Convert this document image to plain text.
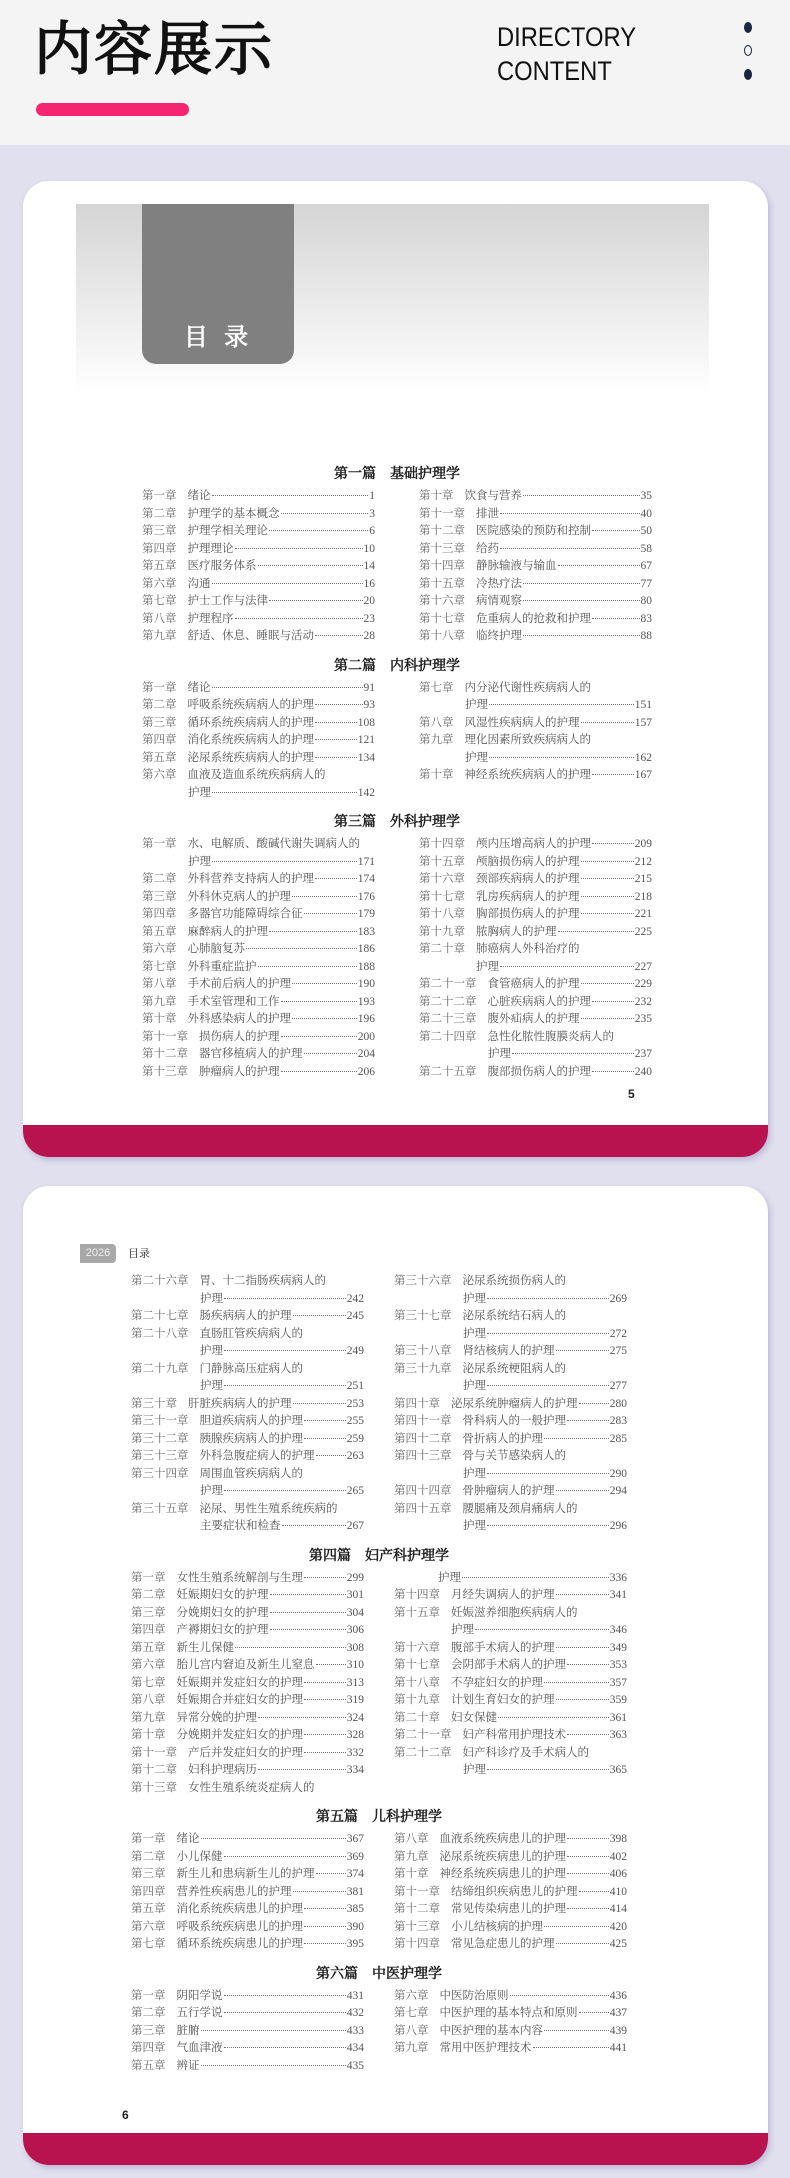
内容展示	DIRECTORY
CONTENT
目 录
第一篇　基础护理学
第一章 绪论	1
第二章 护理学的基本概念	3
第三章 护理学相关理论	6
第四章 护理理论	10
第五章 医疗服务体系	14
第六章 沟通	16
第七章 护士工作与法律	20
第八章 护理程序	23
第九章 舒适、休息、睡眠与活动	28
第十章 饮食与营养	35
第十一章 排泄	40
第十二章 医院感染的预防和控制	50
第十三章 给药	58
第十四章 静脉输液与输血	67
第十五章 冷热疗法	77
第十六章 病情观察	80
第十七章 危重病人的抢救和护理	83
第十八章 临终护理	88
第二篇　内科护理学
第一章 绪论	91
第二章 呼吸系统疾病病人的护理	93
第三章 循环系统疾病病人的护理	108
第四章 消化系统疾病病人的护理	121
第五章 泌尿系统疾病病人的护理	134
第六章 血液及造血系统疾病病人的
护理	142
第七章 内分泌代谢性疾病病人的
护理	151
第八章 风湿性疾病病人的护理	157
第九章 理化因素所致疾病病人的
护理	162
第十章 神经系统疾病病人的护理	167
第三篇　外科护理学
第一章 水、电解质、酸碱代谢失调病人的
护理	171
第二章 外科营养支持病人的护理	174
第三章 外科休克病人的护理	176
第四章 多器官功能障碍综合征	179
第五章 麻醉病人的护理	183
第六章 心肺脑复苏	186
第七章 外科重症监护	188
第八章 手术前后病人的护理	190
第九章 手术室管理和工作	193
第十章 外科感染病人的护理	196
第十一章 损伤病人的护理	200
第十二章 器官移植病人的护理	204
第十三章 肿瘤病人的护理	206
第十四章 颅内压增高病人的护理	209
第十五章 颅脑损伤病人的护理	212
第十六章 颈部疾病病人的护理	215
第十七章 乳房疾病病人的护理	218
第十八章 胸部损伤病人的护理	221
第十九章 脓胸病人的护理	225
第二十章 肺癌病人外科治疗的
护理	227
第二十一章 食管癌病人的护理	229
第二十二章 心脏疾病病人的护理	232
第二十三章 腹外疝病人的护理	235
第二十四章 急性化脓性腹膜炎病人的
护理	237
第二十五章 腹部损伤病人的护理	240
5
2026	目录
第二十六章 胃、十二指肠疾病病人的
护理	242
第二十七章 肠疾病病人的护理	245
第二十八章 直肠肛管疾病病人的
护理	249
第二十九章 门静脉高压症病人的
护理	251
第三十章 肝脏疾病病人的护理	253
第三十一章 胆道疾病病人的护理	255
第三十二章 胰腺疾病病人的护理	259
第三十三章 外科急腹症病人的护理	263
第三十四章 周围血管疾病病人的
护理	265
第三十五章 泌尿、男性生殖系统疾病的
主要症状和检查	267
第三十六章 泌尿系统损伤病人的
护理	269
第三十七章 泌尿系统结石病人的
护理	272
第三十八章 肾结核病人的护理	275
第三十九章 泌尿系统梗阻病人的
护理	277
第四十章 泌尿系统肿瘤病人的护理	280
第四十一章 骨科病人的一般护理	283
第四十二章 骨折病人的护理	285
第四十三章 骨与关节感染病人的
护理	290
第四十四章 骨肿瘤病人的护理	294
第四十五章 腰腿痛及颈肩痛病人的
护理	296
第四篇　妇产科护理学
第一章 女性生殖系统解剖与生理	299
第二章 妊娠期妇女的护理	301
第三章 分娩期妇女的护理	304
第四章 产褥期妇女的护理	306
第五章 新生儿保健	308
第六章 胎儿宫内窘迫及新生儿窒息	310
第七章 妊娠期并发症妇女的护理	313
第八章 妊娠期合并症妇女的护理	319
第九章 异常分娩的护理	324
第十章 分娩期并发症妇女的护理	328
第十一章 产后并发症妇女的护理	332
第十二章 妇科护理病历	334
第十三章 女性生殖系统炎症病人的
护理	336
第十四章 月经失调病人的护理	341
第十五章 妊娠滋养细胞疾病病人的
护理	346
第十六章 腹部手术病人的护理	349
第十七章 会阴部手术病人的护理	353
第十八章 不孕症妇女的护理	357
第十九章 计划生育妇女的护理	359
第二十章 妇女保健	361
第二十一章 妇产科常用护理技术	363
第二十二章 妇产科诊疗及手术病人的
护理	365
第五篇　儿科护理学
第一章 绪论	367
第二章 小儿保健	369
第三章 新生儿和患病新生儿的护理	374
第四章 营养性疾病患儿的护理	381
第五章 消化系统疾病患儿的护理	385
第六章 呼吸系统疾病患儿的护理	390
第七章 循环系统疾病患儿的护理	395
第八章 血液系统疾病患儿的护理	398
第九章 泌尿系统疾病患儿的护理	402
第十章 神经系统疾病患儿的护理	406
第十一章 结缔组织疾病患儿的护理	410
第十二章 常见传染病患儿的护理	414
第十三章 小儿结核病的护理	420
第十四章 常见急症患儿的护理	425
第六篇　中医护理学
第一章 阴阳学说	431
第二章 五行学说	432
第三章 脏腑	433
第四章 气血津液	434
第五章 辨证	435
第六章 中医防治原则	436
第七章 中医护理的基本特点和原则	437
第八章 中医护理的基本内容	439
第九章 常用中医护理技术	441
6
